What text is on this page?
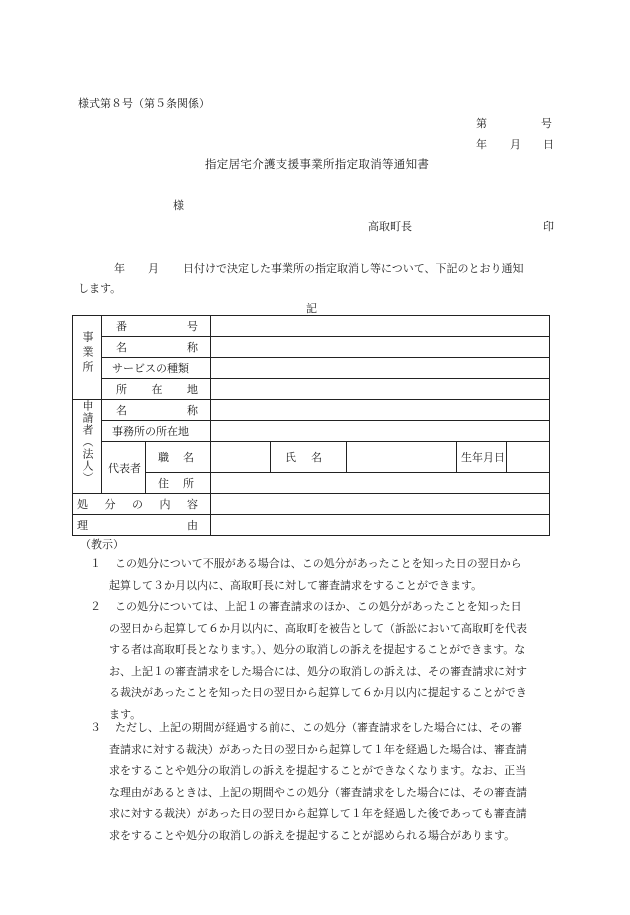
様式第８号（第５条関係）
第	号
年 月 日
指定居宅介護支援事業所指定取消等通知書
様
高取町長	印
年 月 日付けで決定した事業所の指定取消し等について、下記のとおり通知
します。
記
事業所	番 号						

	名 称						

	サービスの種類						

	所 在 地						

申請者（法人）	名 称						

	事務所の所在地						
	代表者	職 名		氏 名		生年月日	

		住 所					

処 分 の 内 容							

理 由							

（教示）
１	この処分について不服がある場合は、この処分があったことを知った日の翌日から
起算して３か月以内に、高取町長に対して審査請求をすることができます。
２	この処分については、上記１の審査請求のほか、この処分があったことを知った日
の翌日から起算して６か月以内に、高取町を被告として（訴訟において高取町を代表
する者は高取町長となります。）、処分の取消しの訴えを提起することができます。な
お、上記１の審査請求をした場合には、処分の取消しの訴えは、その審査請求に対す
る裁決があったことを知った日の翌日から起算して６か月以内に提起することができ
ます。
３	ただし、上記の期間が経過する前に、この処分（審査請求をした場合には、その審
査請求に対する裁決）があった日の翌日から起算して１年を経過した場合は、審査請
求をすることや処分の取消しの訴えを提起することができなくなります。なお、正当
な理由があるときは、上記の期間やこの処分（審査請求をした場合には、その審査請
求に対する裁決）があった日の翌日から起算して１年を経過した後であっても審査請
求をすることや処分の取消しの訴えを提起することが認められる場合があります。
